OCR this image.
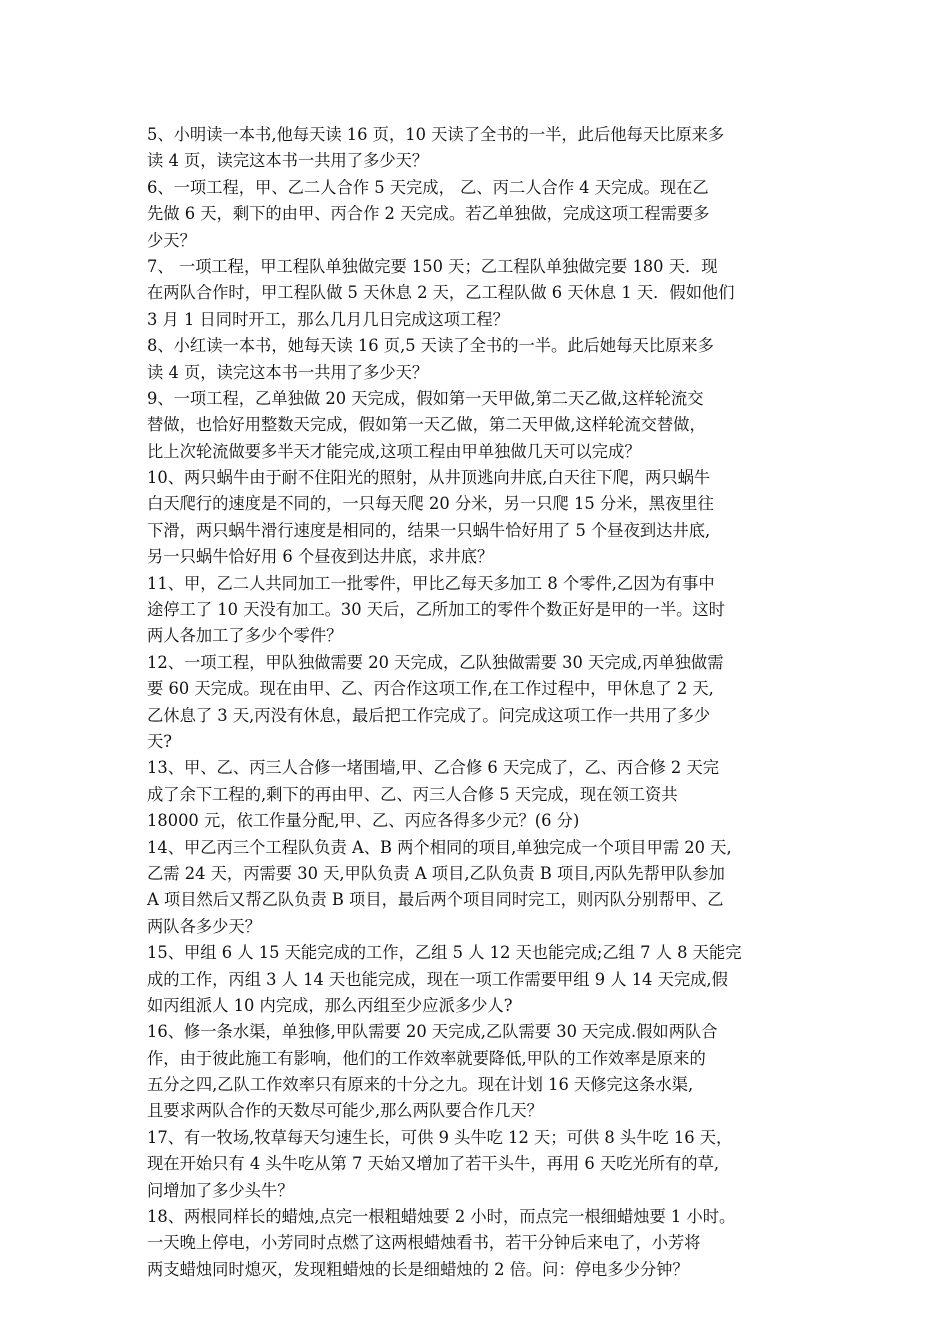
5、小明读一本书,他每天读 16 页，10 天读了全书的一半，此后他每天比原来多
读 4 页，读完这本书一共用了多少天？
6、一项工程，甲、乙二人合作 5 天完成， 乙、丙二人合作 4 天完成。现在乙
先做 6 天，剩下的由甲、丙合作 2 天完成。若乙单独做，完成这项工程需要多
少天？
7、 一项工程，甲工程队单独做完要 150 天；乙工程队单独做完要 180 天．现
在两队合作时，甲工程队做 5 天休息 2 天，乙工程队做 6 天休息 1 天．假如他们
3 月 1 日同时开工，那么几月几日完成这项工程？
8、小红读一本书，她每天读 16 页,5 天读了全书的一半。此后她每天比原来多
读 4 页，读完这本书一共用了多少天？
9、一项工程，乙单独做 20 天完成，假如第一天甲做,第二天乙做,这样轮流交
替做，也恰好用整数天完成，假如第一天乙做，第二天甲做,这样轮流交替做，
比上次轮流做要多半天才能完成,这项工程由甲单独做几天可以完成？
10、两只蜗牛由于耐不住阳光的照射，从井顶逃向井底,白天往下爬，两只蜗牛
白天爬行的速度是不同的，一只每天爬 20 分米，另一只爬 15 分米，黑夜里往
下滑，两只蜗牛滑行速度是相同的，结果一只蜗牛恰好用了 5 个昼夜到达井底,
另一只蜗牛恰好用 6 个昼夜到达井底，求井底？
11、甲，乙二人共同加工一批零件，甲比乙每天多加工 8 个零件,乙因为有事中
途停工了 10 天没有加工。30 天后，乙所加工的零件个数正好是甲的一半。这时
两人各加工了多少个零件？
12、一项工程，甲队独做需要 20 天完成，乙队独做需要 30 天完成,丙单独做需
要 60 天完成。现在由甲、乙、丙合作这项工作,在工作过程中，甲休息了 2 天,
乙休息了 3 天,丙没有休息，最后把工作完成了。问完成这项工作一共用了多少
天?
13、甲、乙、丙三人合修一堵围墙,甲、乙合修 6 天完成了，乙、丙合修 2 天完
成了余下工程的,剩下的再由甲、乙、丙三人合修 5 天完成，现在领工资共
18000 元，依工作量分配,甲、乙、丙应各得多少元？(6 分)
14、甲乙丙三个工程队负责 A、B 两个相同的项目,单独完成一个项目甲需 20 天,
乙需 24 天，丙需要 30 天,甲队负责 A 项目,乙队负责 B 项目,丙队先帮甲队参加
A 项目然后又帮乙队负责 B 项目，最后两个项目同时完工，则丙队分别帮甲、乙
两队各多少天？
15、甲组 6 人 15 天能完成的工作，乙组 5 人 12 天也能完成;乙组 7 人 8 天能完
成的工作，丙组 3 人 14 天也能完成，现在一项工作需要甲组 9 人 14 天完成,假
如丙组派人 10 内完成，那么丙组至少应派多少人?
16、修一条水渠，单独修,甲队需要 20 天完成,乙队需要 30 天完成.假如两队合
作，由于彼此施工有影响，他们的工作效率就要降低,甲队的工作效率是原来的
五分之四,乙队工作效率只有原来的十分之九。现在计划 16 天修完这条水渠,
且要求两队合作的天数尽可能少,那么两队要合作几天？
17、有一牧场,牧草每天匀速生长，可供 9 头牛吃 12 天；可供 8 头牛吃 16 天，
现在开始只有 4 头牛吃从第 7 天始又增加了若干头牛，再用 6 天吃光所有的草,
问增加了多少头牛？
18、两根同样长的蜡烛,点完一根粗蜡烛要 2 小时，而点完一根细蜡烛要 1 小时。
一天晚上停电，小芳同时点燃了这两根蜡烛看书，若干分钟后来电了，小芳将
两支蜡烛同时熄灭，发现粗蜡烛的长是细蜡烛的 2 倍。问：停电多少分钟？
